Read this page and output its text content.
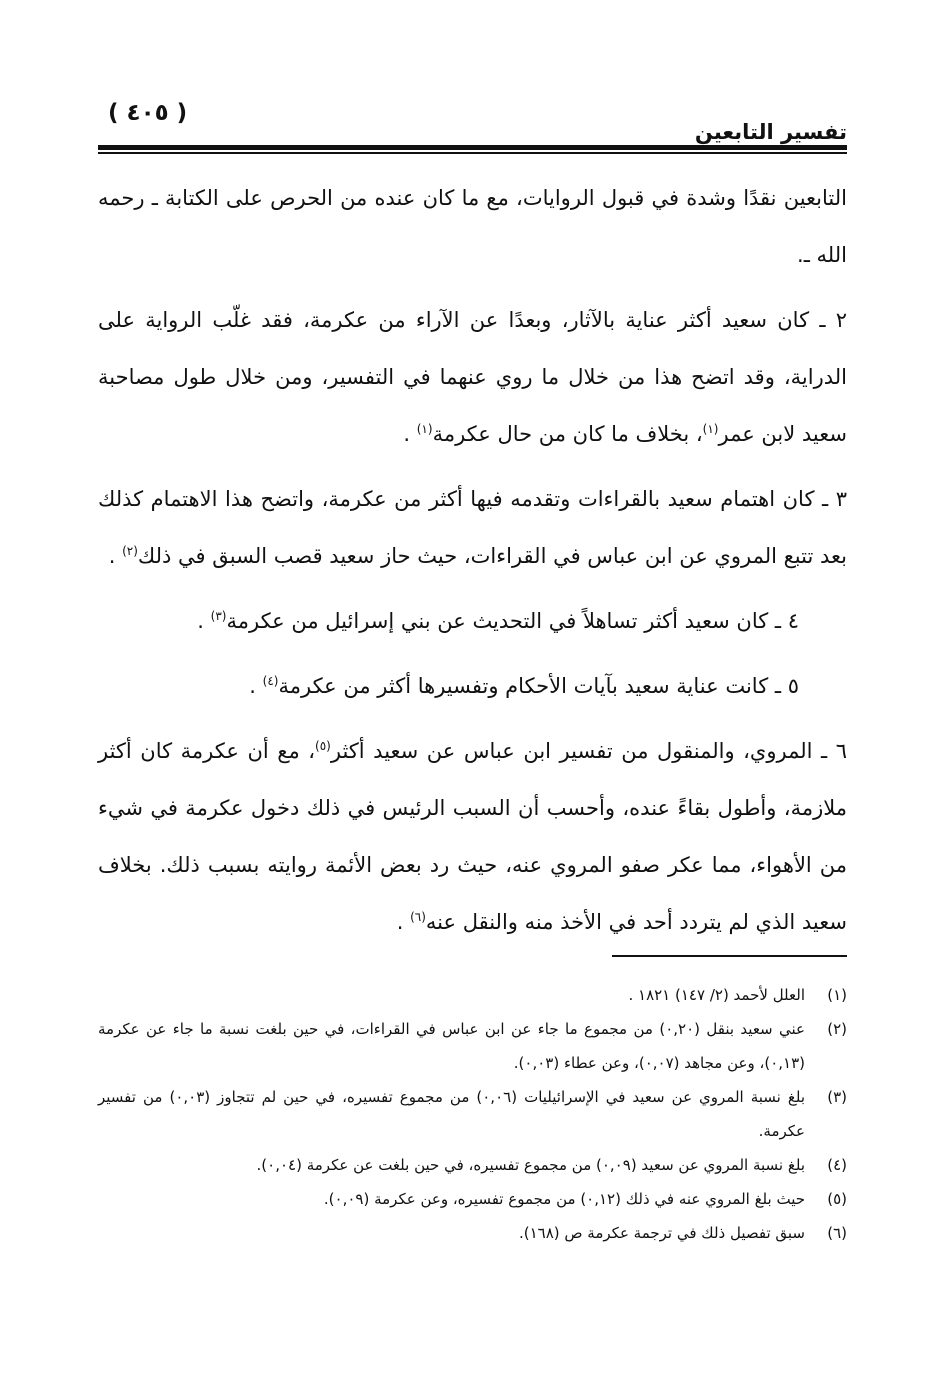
تفسير التابعين
( ٤٠٥ )

التابعين نقدًا وشدة في قبول الروايات، مع ما كان عنده من الحرص على الكتابة ـ رحمه الله ـ.

٢ ـ كان سعيد أكثر عناية بالآثار، وبعدًا عن الآراء من عكرمة، فقد غلّب الرواية على الدراية، وقد اتضح هذا من خلال ما روي عنهما في التفسير، ومن خلال طول مصاحبة سعيد لابن عمر$^{(١)}$، بخلاف ما كان من حال عكرمة$^{(١)}$ .

٣ ـ كان اهتمام سعيد بالقراءات وتقدمه فيها أكثر من عكرمة، واتضح هذا الاهتمام كذلك بعد تتبع المروي عن ابن عباس في القراءات، حيث حاز سعيد قصب السبق في ذلك$^{(٢)}$ .

٤ ـ كان سعيد أكثر تساهلاً في التحديث عن بني إسرائيل من عكرمة$^{(٣)}$ .

٥ ـ كانت عناية سعيد بآيات الأحكام وتفسيرها أكثر من عكرمة$^{(٤)}$ .

٦ ـ المروي، والمنقول من تفسير ابن عباس عن سعيد أكثر$^{(٥)}$، مع أن عكرمة كان أكثر ملازمة، وأطول بقاءً عنده، وأحسب أن السبب الرئيس في ذلك دخول عكرمة في شيء من الأهواء، مما عكر صفو المروي عنه، حيث رد بعض الأئمة روايته بسبب ذلك. بخلاف سعيد الذي لم يتردد أحد في الأخذ منه والنقل عنه$^{(٦)}$ .

(١)
العلل لأحمد (٢/ ١٤٧) ١٨٢١ .

(٢)
عني سعيد بنقل (٠,٢٠) من مجموع ما جاء عن ابن عباس في القراءات، في حين بلغت نسبة ما جاء عن عكرمة (٠,١٣)، وعن مجاهد (٠,٠٧)، وعن عطاء (٠,٠٣).

(٣)
بلغ نسبة المروي عن سعيد في الإسرائيليات (٠,٠٦) من مجموع تفسيره، في حين لم تتجاوز (٠,٠٣) من تفسير عكرمة.

(٤)
بلغ نسبة المروي عن سعيد (٠,٠٩) من مجموع تفسيره، في حين بلغت عن عكرمة (٠,٠٤).

(٥)
حيث بلغ المروي عنه في ذلك (٠,١٢) من مجموع تفسيره، وعن عكرمة (٠,٠٩).

(٦)
سبق تفصيل ذلك في ترجمة عكرمة ص (١٦٨).
